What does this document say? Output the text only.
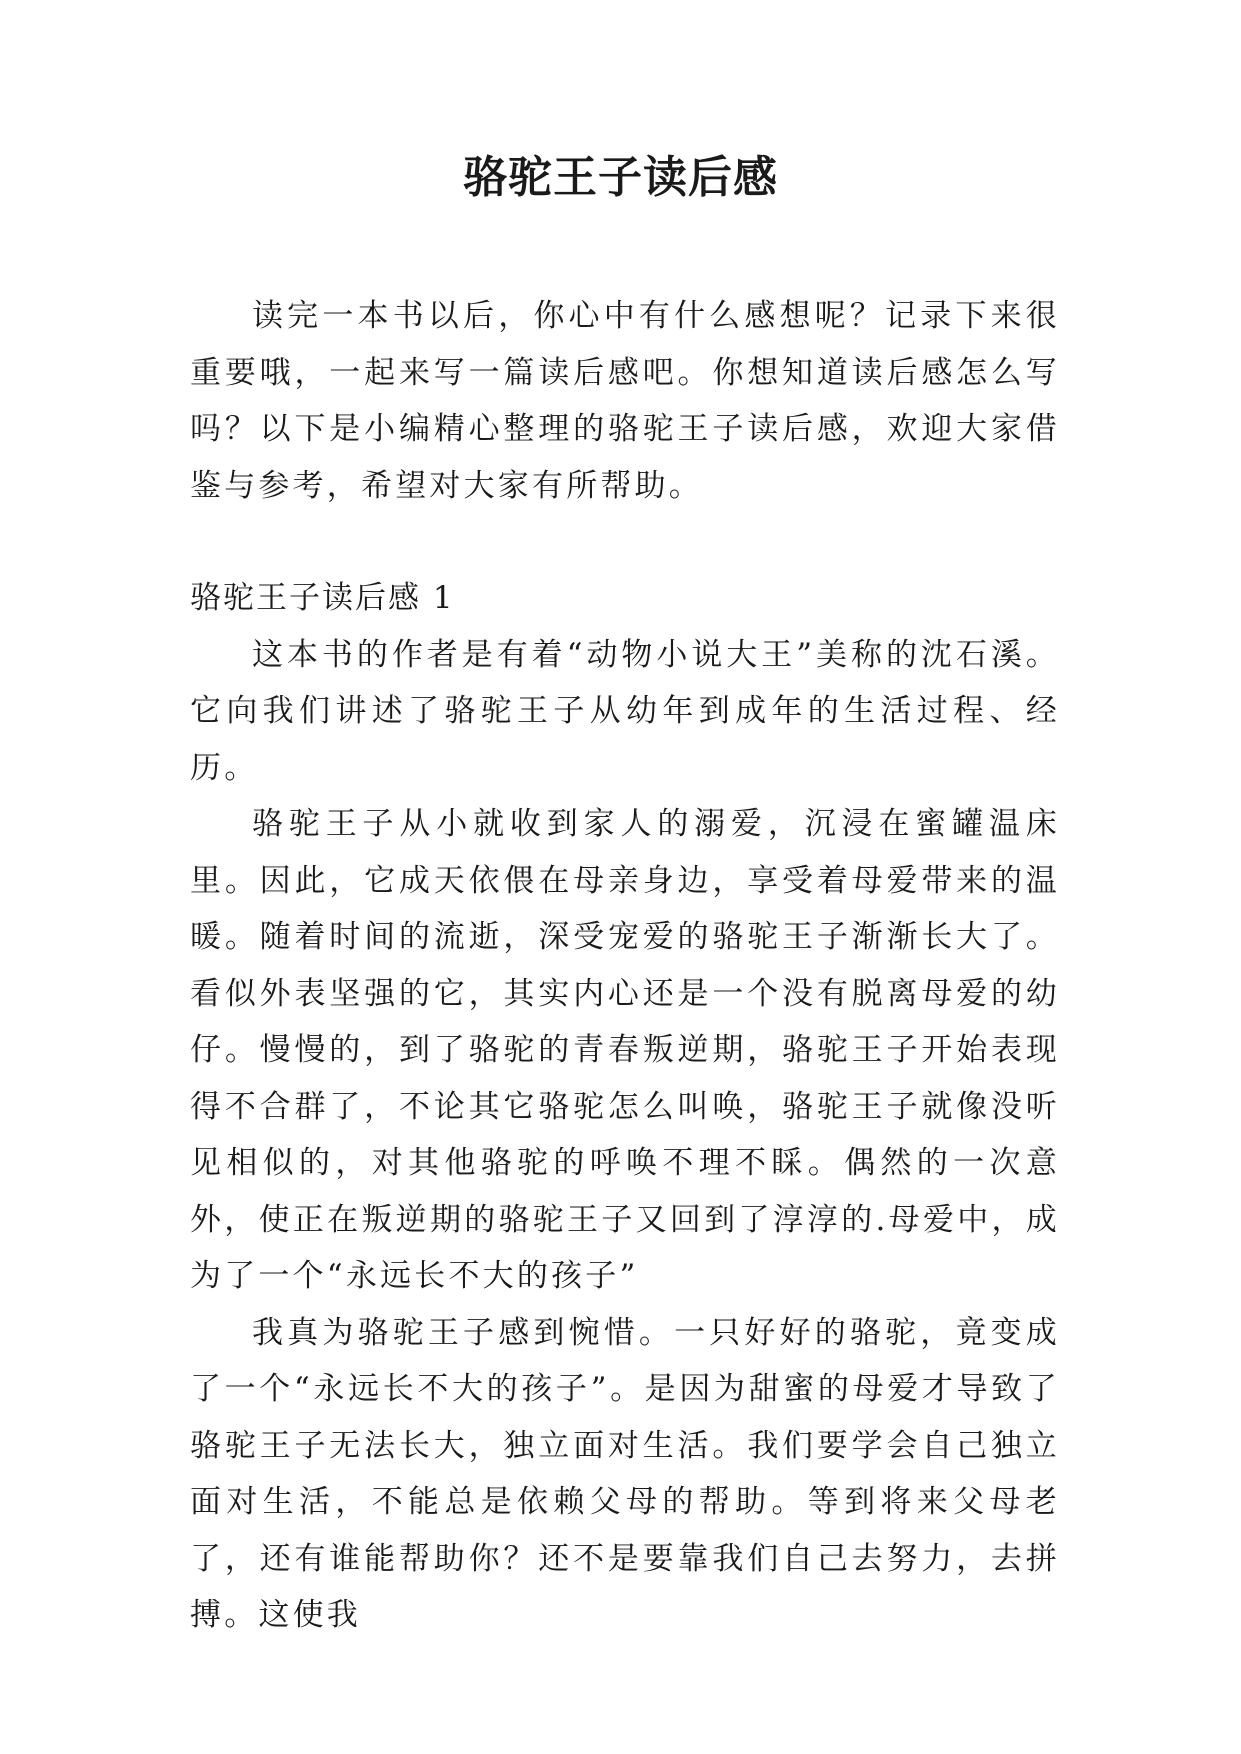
骆驼王子读后感

读完一本书以后，你心中有什么感想呢？记录下来很重要哦，一起来写一篇读后感吧。你想知道读后感怎么写吗？以下是小编精心整理的骆驼王子读后感，欢迎大家借鉴与参考，希望对大家有所帮助。

骆驼王子读后感 1

这本书的作者是有着“动物小说大王”美称的沈石溪。它向我们讲述了骆驼王子从幼年到成年的生活过程、经历。

骆驼王子从小就收到家人的溺爱，沉浸在蜜罐温床里。因此，它成天依偎在母亲身边，享受着母爱带来的温暖。随着时间的流逝，深受宠爱的骆驼王子渐渐长大了。看似外表坚强的它，其实内心还是一个没有脱离母爱的幼仔。慢慢的，到了骆驼的青春叛逆期，骆驼王子开始表现得不合群了，不论其它骆驼怎么叫唤，骆驼王子就像没听见相似的，对其他骆驼的呼唤不理不睬。偶然的一次意外，使正在叛逆期的骆驼王子又回到了淳淳的.母爱中，成为了一个“永远长不大的孩子”

我真为骆驼王子感到惋惜。一只好好的骆驼，竟变成了一个“永远长不大的孩子”。是因为甜蜜的母爱才导致了骆驼王子无法长大，独立面对生活。我们要学会自己独立面对生活，不能总是依赖父母的帮助。等到将来父母老了，还有谁能帮助你？还不是要靠我们自己去努力，去拼搏。这使我
